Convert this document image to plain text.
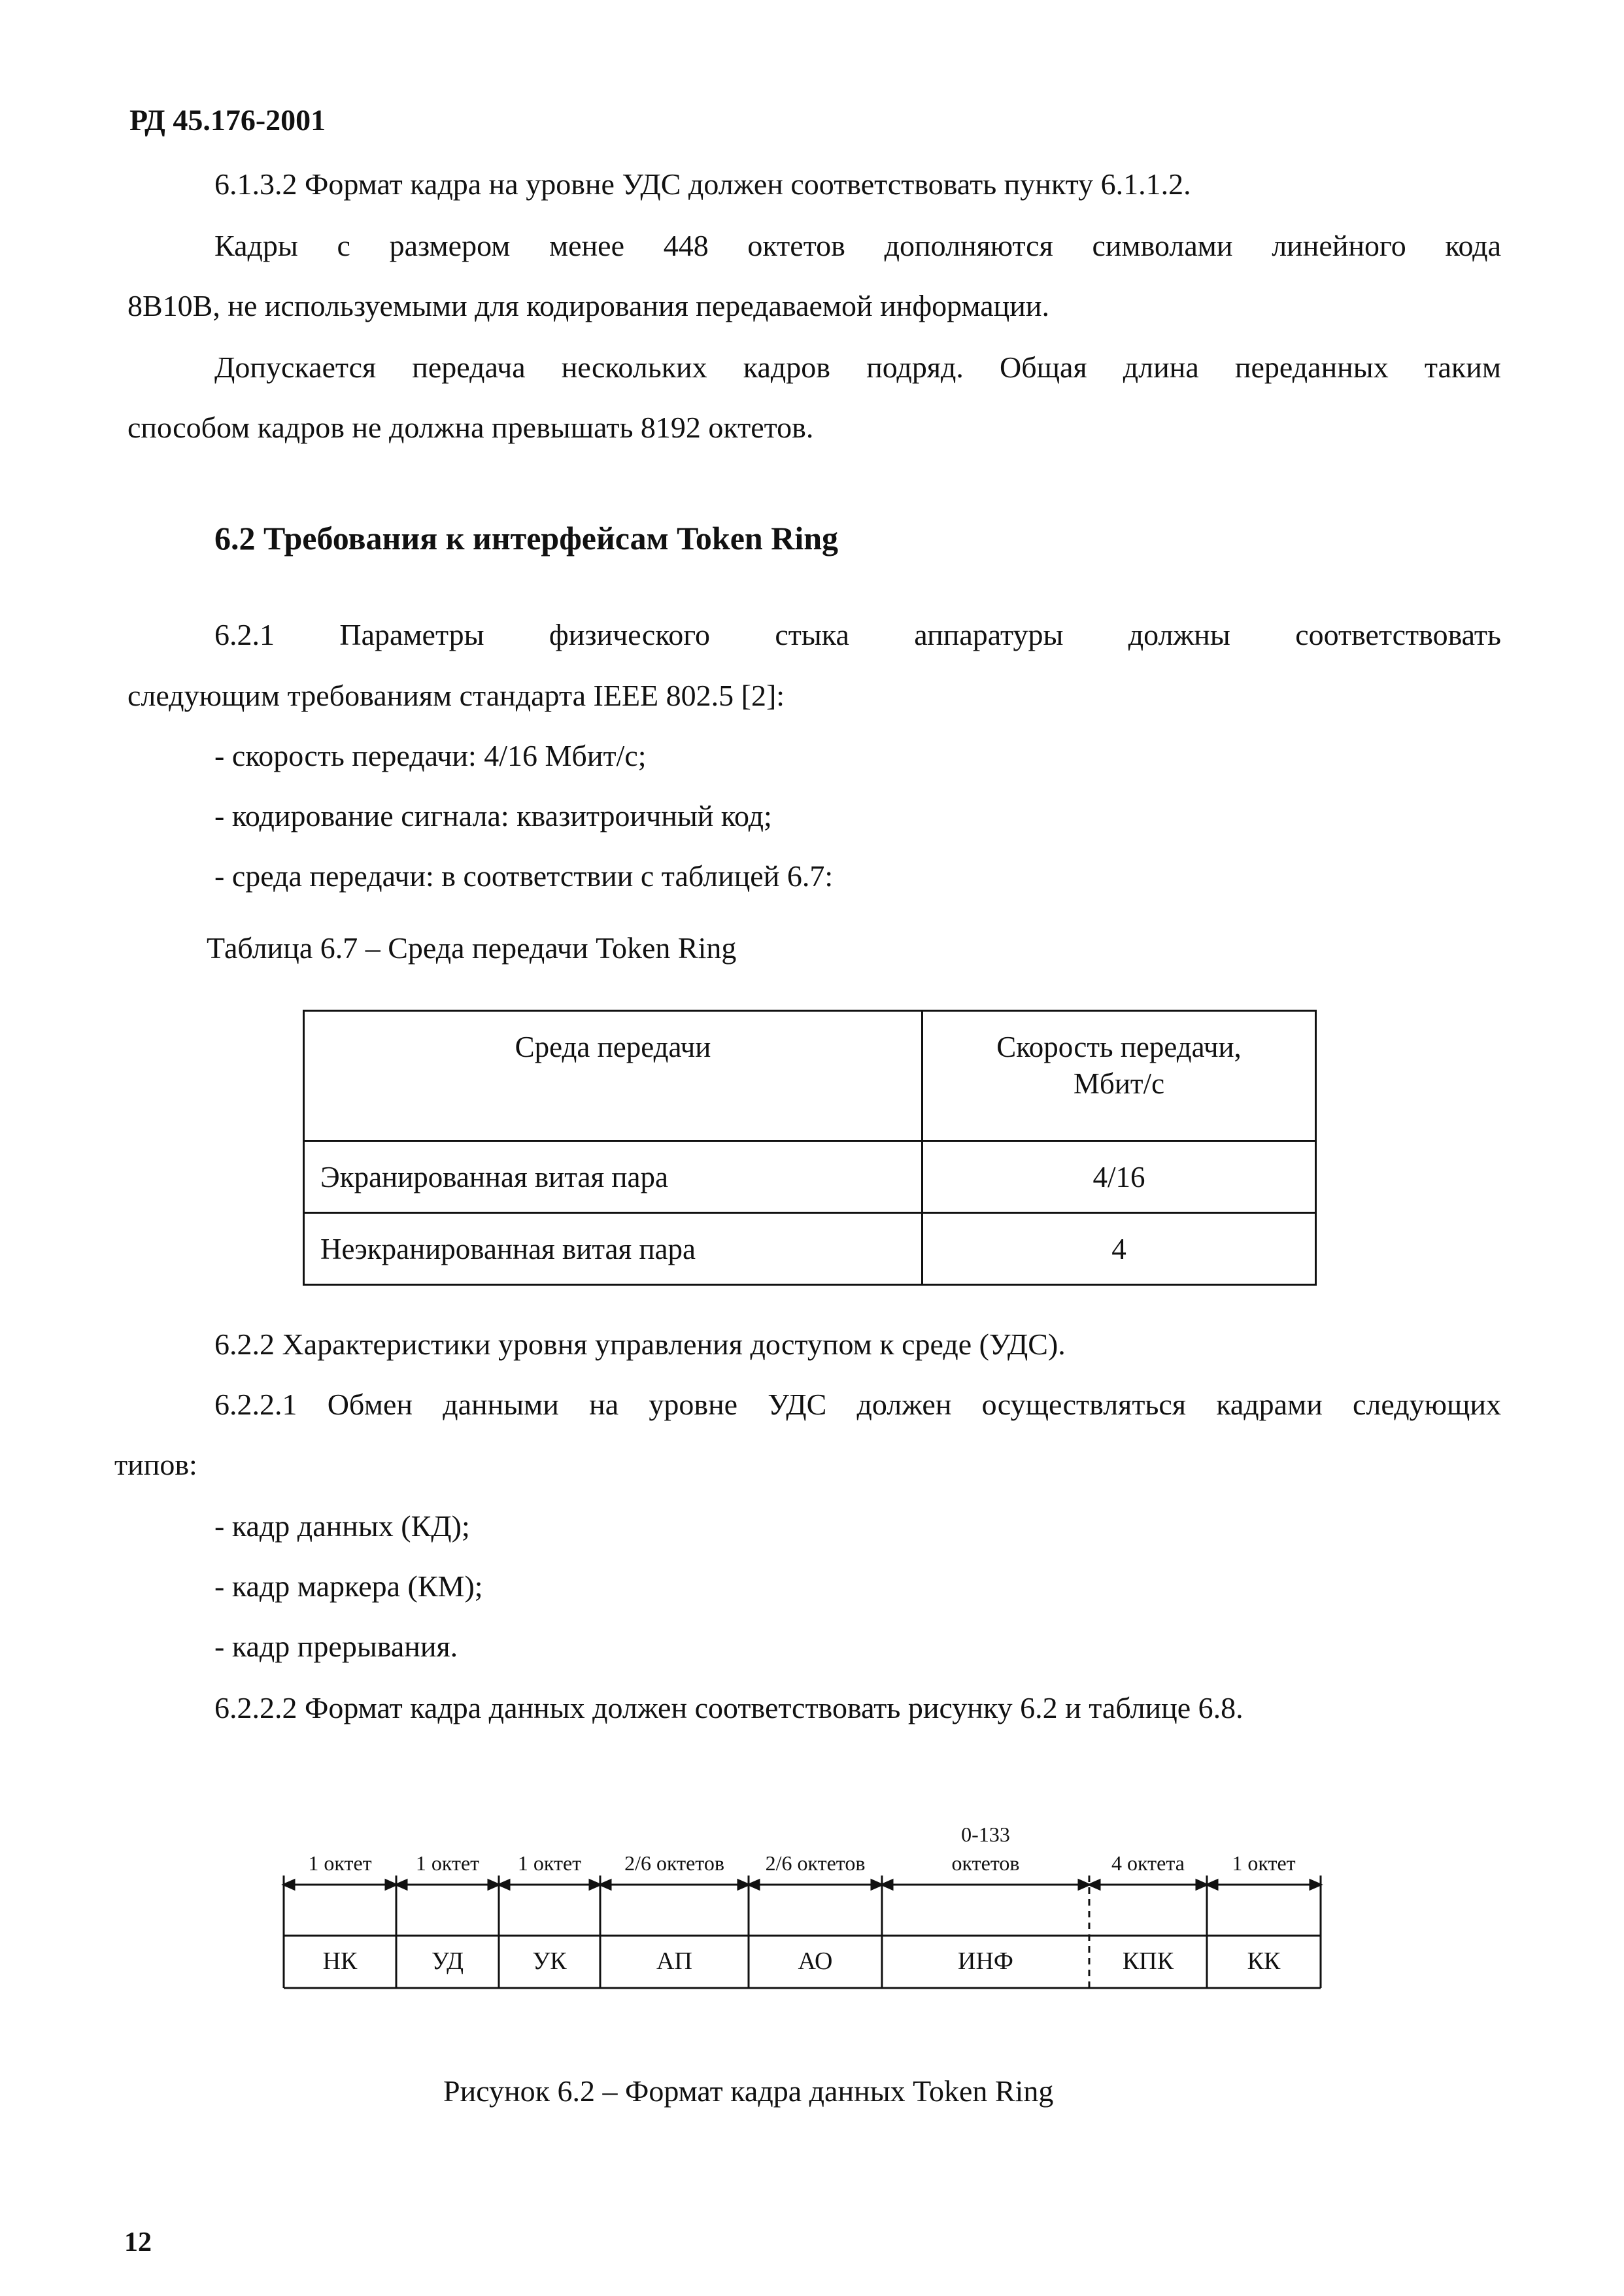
РД 45.176-2001
6.1.3.2 Формат кадра на уровне УДС должен соответствовать пункту 6.1.1.2.
Кадры с размером менее 448 октетов дополняются символами линейного кода
8B10B, не используемыми для кодирования передаваемой информации.
Допускается передача нескольких кадров подряд. Общая длина переданных таким
способом кадров не должна превышать 8192 октетов.
6.2 Требования к интерфейсам Token Ring
6.2.1 Параметры физического стыка аппаратуры должны соответствовать
следующим требованиям стандарта IEEE 802.5 [2]:
- скорость передачи: 4/16 Мбит/с;
- кодирование сигнала: квазитроичный код;
- среда передачи: в соответствии с таблицей 6.7:
Таблица 6.7 – Среда передачи Token Ring
Среда передачи	Скорость передачи,
Мбит/с

Экранированная витая пара	4/16
Неэкранированная витая пара	4
6.2.2 Характеристики уровня управления доступом к среде (УДС).
6.2.2.1 Обмен данными на уровне УДС должен осуществляться кадрами следующих
типов:
- кадр данных (КД);
- кадр маркера (КМ);
- кадр прерывания.
6.2.2.2 Формат кадра данных должен соответствовать рисунку 6.2 и таблице 6.8.
1 октет	1 октет	1 октет	2/6 октетов	2/6 октетов
0-133
октетов	4 октета	1 октет
НК	УД	УК	АП	АО	ИНФ	КПК	КК
Рисунок 6.2 – Формат кадра данных Token Ring
12
